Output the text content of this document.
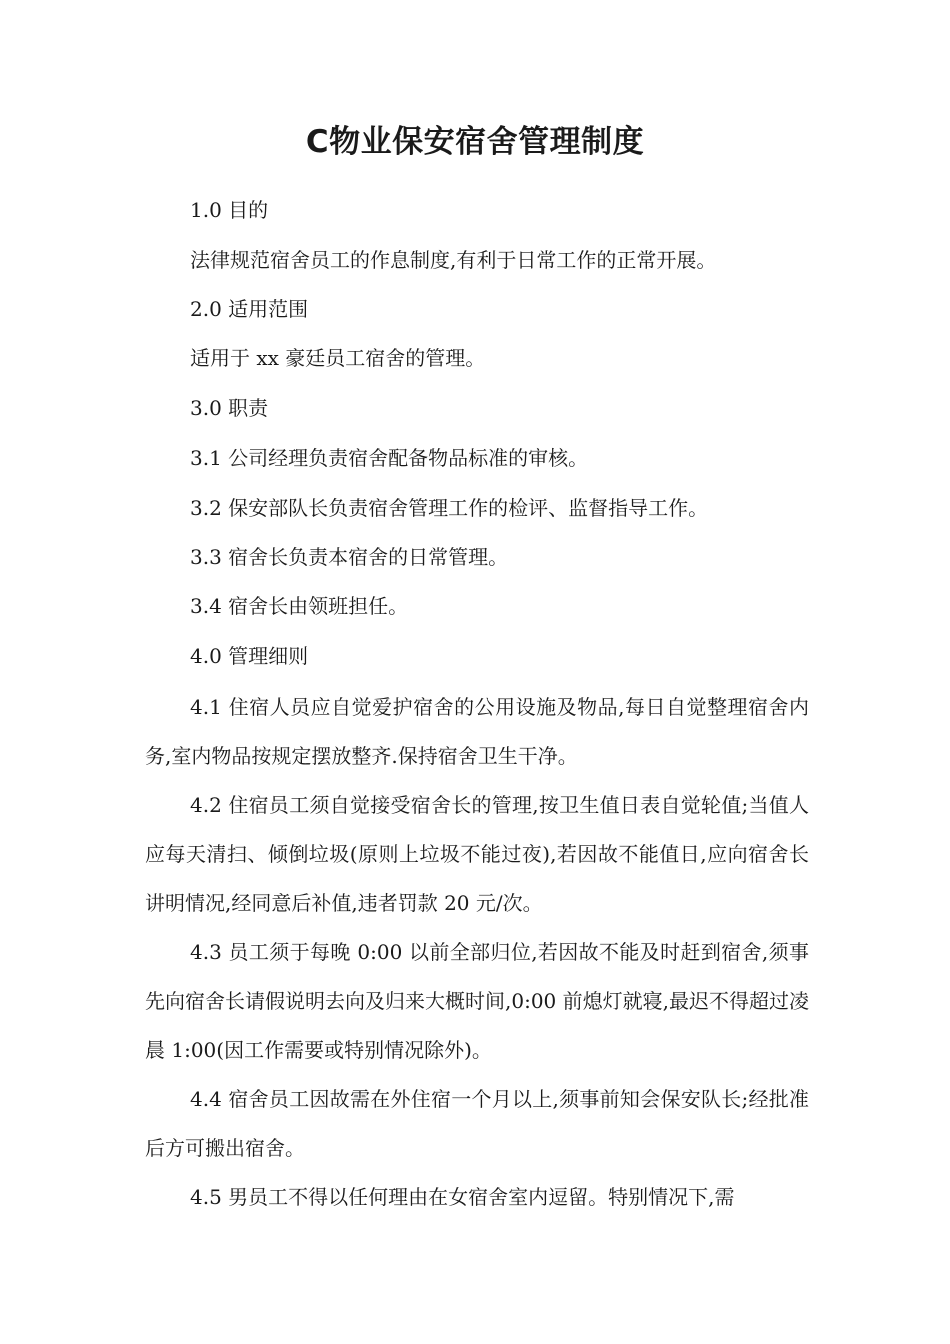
C物业保安宿舍管理制度
1.0 目的
法律规范宿舍员工的作息制度,有利于日常工作的正常开展。
2.0 适用范围
适用于 xx 豪廷员工宿舍的管理。
3.0 职责
3.1 公司经理负责宿舍配备物品标准的审核。
3.2 保安部队长负责宿舍管理工作的检评、监督指导工作。
3.3 宿舍长负责本宿舍的日常管理。
3.4 宿舍长由领班担任。
4.0 管理细则
4.1 住宿人员应自觉爱护宿舍的公用设施及物品,每日自觉整理宿舍内务,室内物品按规定摆放整齐.保持宿舍卫生干净。
4.2 住宿员工须自觉接受宿舍长的管理,按卫生值日表自觉轮值;当值人应每天清扫、倾倒垃圾(原则上垃圾不能过夜),若因故不能值日,应向宿舍长讲明情况,经同意后补值,违者罚款 20 元/次。
4.3 员工须于每晚 0:00 以前全部归位,若因故不能及时赶到宿舍,须事先向宿舍长请假说明去向及归来大概时间,0:00 前熄灯就寝,最迟不得超过凌晨 1:00(因工作需要或特别情况除外)。
4.4 宿舍员工因故需在外住宿一个月以上,须事前知会保安队长;经批准后方可搬出宿舍。
4.5 男员工不得以任何理由在女宿舍室内逗留。特别情况下,需
